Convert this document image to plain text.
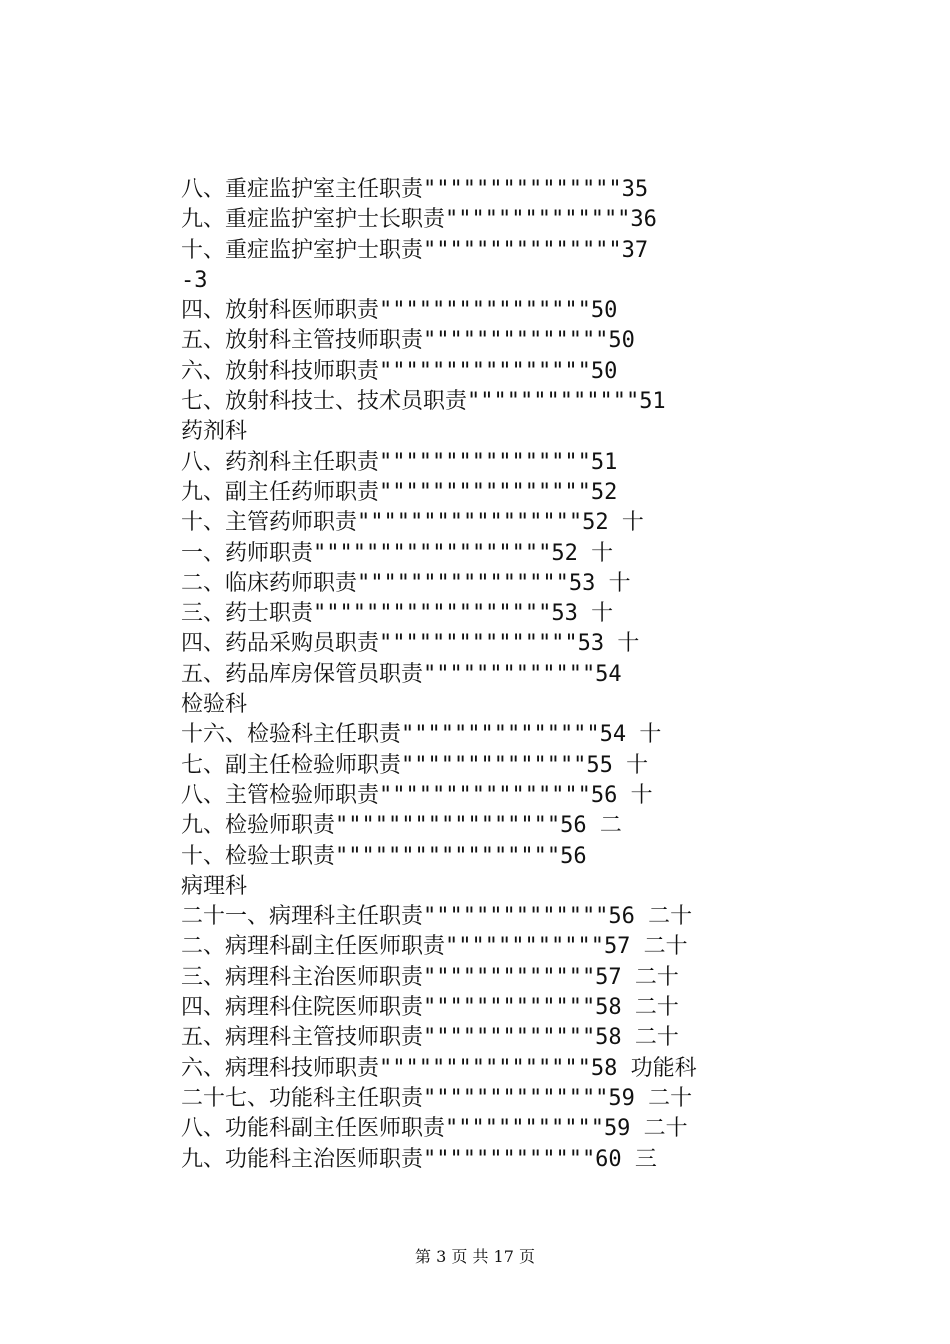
八、重症监护室主任职责"""""""""""""""35
九、重症监护室护士长职责""""""""""""""36
十、重症监护室护士职责"""""""""""""""37
-3
四、放射科医师职责""""""""""""""""50
五、放射科主管技师职责""""""""""""""50
六、放射科技师职责""""""""""""""""50
七、放射科技士、技术员职责"""""""""""""51
药剂科
八、药剂科主任职责""""""""""""""""51
九、副主任药师职责""""""""""""""""52
十、主管药师职责"""""""""""""""""52 十
一、药师职责""""""""""""""""""52 十
二、临床药师职责""""""""""""""""53 十
三、药士职责""""""""""""""""""53 十
四、药品采购员职责"""""""""""""""53 十
五、药品库房保管员职责"""""""""""""54
检验科
十六、检验科主任职责"""""""""""""""54 十
七、副主任检验师职责""""""""""""""55 十
八、主管检验师职责""""""""""""""""56 十
九、检验师职责"""""""""""""""""56 二
十、检验士职责"""""""""""""""""56
病理科
二十一、病理科主任职责""""""""""""""56 二十
二、病理科副主任医师职责""""""""""""57 二十
三、病理科主治医师职责"""""""""""""57 二十
四、病理科住院医师职责"""""""""""""58 二十
五、病理科主管技师职责"""""""""""""58 二十
六、病理科技师职责""""""""""""""""58 功能科
二十七、功能科主任职责""""""""""""""59 二十
八、功能科副主任医师职责""""""""""""59 二十
九、功能科主治医师职责"""""""""""""60 三
第 3 页 共 17 页
